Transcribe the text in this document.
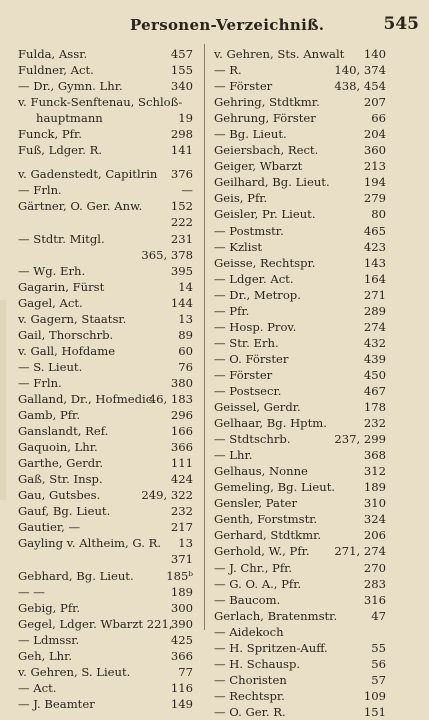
Personen-Verzeichniß.	545
Fulda, Assr.	457
Fuldner, Act.	155
— Dr., Gymn. Lhr.	340
v. Funck-Senftenau, Schloß-
hauptmann	19
Funck, Pfr.	298
Fuß, Ldger. R.	141
v. Gadenstedt, Capitlrin 376
— Frln.	—
Gärtner, O. Ger. Anw. 152
222
— Stdtr. Mitgl.	231
365, 378
— Wg. Erh.	395
Gagarin, Fürst	14
Gagel, Act.	144
v. Gagern, Staatsr.	13
Gail, Thorschrb.	89
v. Gall, Hofdame	60
— S. Lieut.	76
— Frln.	380
Galland, Dr., Hofmedic.
46, 183
Gamb, Pfr.	296
Ganslandt, Ref.	166
Gaquoin, Lhr.	366
Garthe, Gerdr.	111
Gaß, Str. Insp.	424
Gau, Gutsbes.	249, 322
Gauf, Bg. Lieut.	232
Gautier, —	217
Gayling v. Altheim, G. R. 13
371
Gebhard, Bg. Lieut.	185ᵇ
— —	189
Gebig, Pfr.	300
Gegel, Ldger. Wbarzt 221,
390
— Ldmssr.	425
Geh, Lhr.	366
v. Gehren, S. Lieut.	77
— Act.	116
— J. Beamter	149
v. Gehren, Sts. Anwalt 140
— R.	140, 374
— Förster	438, 454
Gehring, Stdtkmr.	207
Gehrung, Förster	66
— Bg. Lieut.	204
Geiersbach, Rect.	360
Geiger, Wbarzt	213
Geilhard, Bg. Lieut.	194
Geis, Pfr.	279
Geisler, Pr. Lieut.	80
— Postmstr.	465
— Kzlist	423
Geisse, Rechtspr.	143
— Ldger. Act.	164
— Dr., Metrop.	271
— Pfr.	289
— Hosp. Prov.	274
— Str. Erh.	432
— O. Förster	439
— Förster	450
— Postsecr.	467
Geissel, Gerdr.	178
Gelhaar, Bg. Hptm.	232
— Stdtschrb.	237, 299
— Lhr.	368
Gelhaus, Nonne	312
Gemeling, Bg. Lieut. 189
Gensler, Pater	310
Genth, Forstmstr.	324
Gerhard, Stdtkmr.	206
Gerhold, W., Pfr. 271, 274
— J. Chr., Pfr.	270
— G. O. A., Pfr.	283
— Baucom.	316
Gerlach, Bratenmstr.	47
— Aidekoch
— H. Spritzen-Auff.	55
— H. Schausp.	56
— Choristen	57
— Rechtspr.	109
— O. Ger. R.	151
